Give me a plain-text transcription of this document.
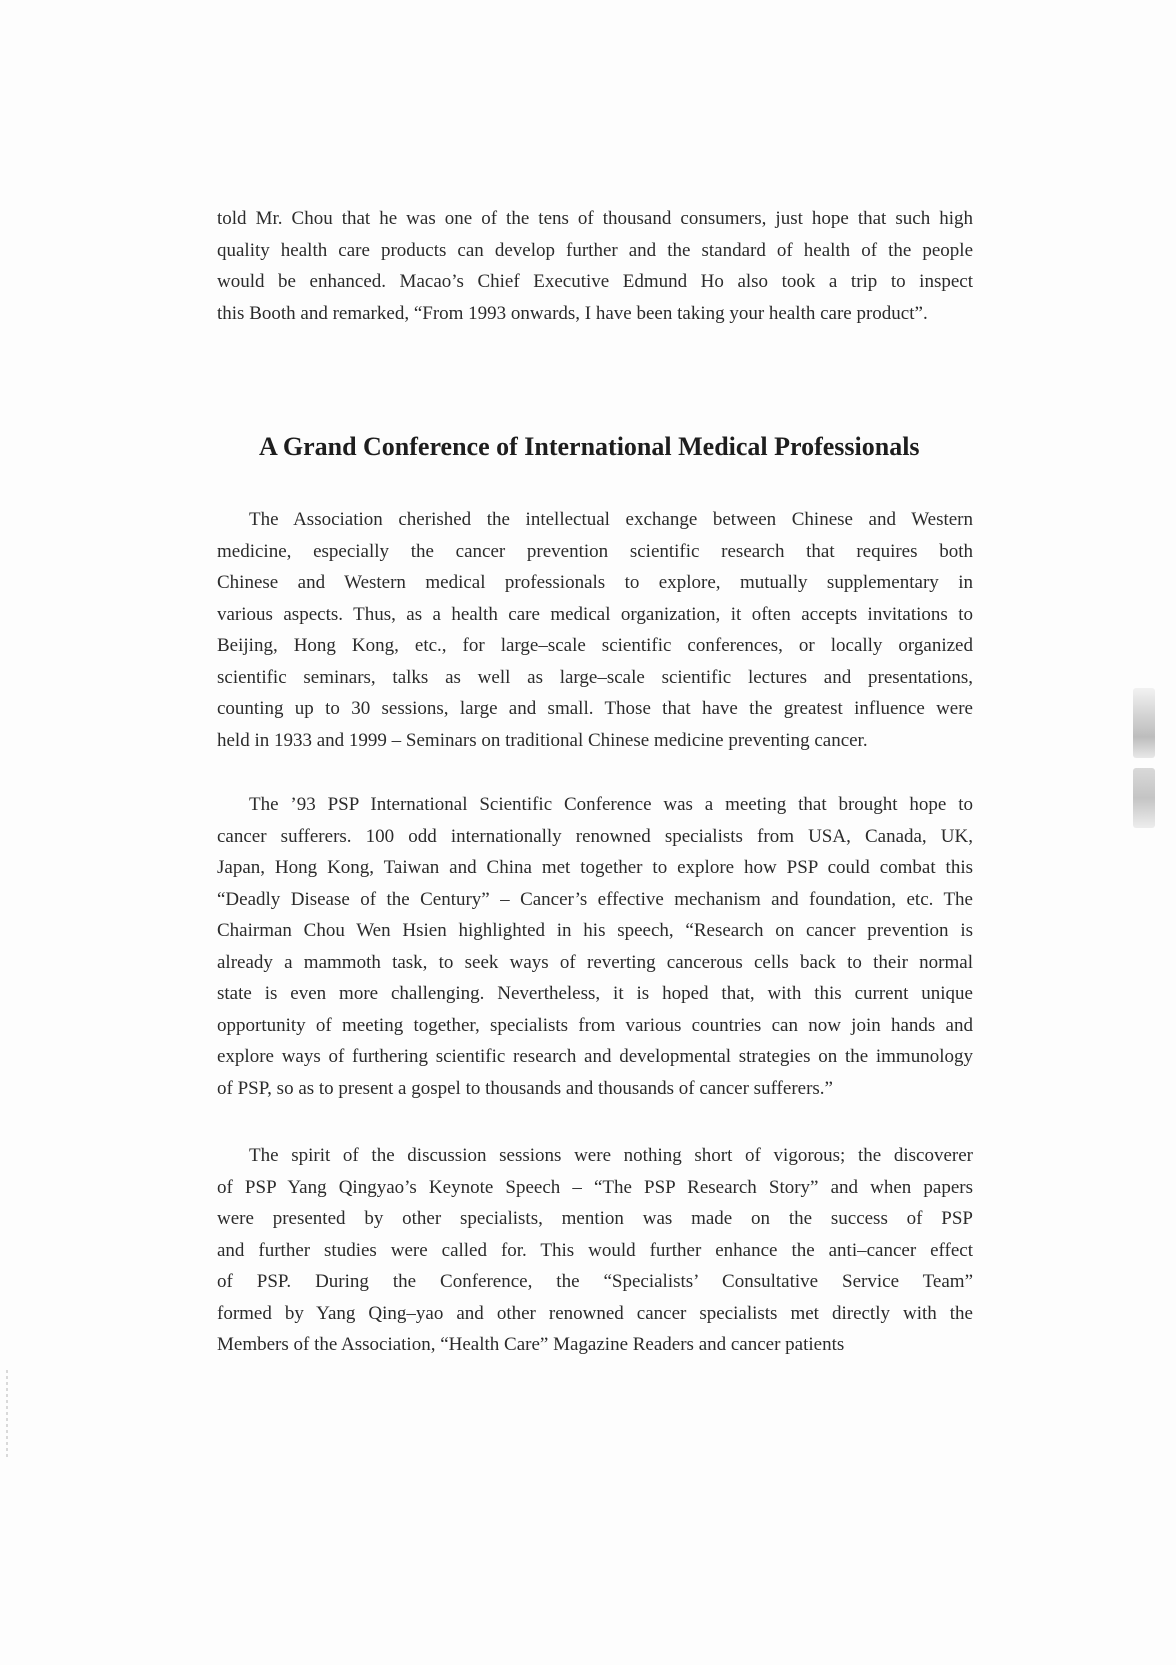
told Mr. Chou that he was one of the tens of thousand consumers, just hope that such high
quality health care products can develop further and the standard of health of the people
would be enhanced. Macao’s Chief Executive Edmund Ho also took a trip to inspect
this Booth and remarked, “From 1993 onwards, I have been taking your health care product”.

A Grand Conference of International Medical Professionals

The Association cherished the intellectual exchange between Chinese and Western
medicine, especially the cancer prevention scientific research that requires both
Chinese and Western medical professionals to explore, mutually supplementary in
various aspects. Thus, as a health care medical organization, it often accepts invitations to
Beijing, Hong Kong, etc., for large–scale scientific conferences, or locally organized
scientific seminars, talks as well as large–scale scientific lectures and presentations,
counting up to 30 sessions, large and small. Those that have the greatest influence were
held in 1933 and 1999 – Seminars on traditional Chinese medicine preventing cancer.

The ’93 PSP International Scientific Conference was a meeting that brought hope to
cancer sufferers. 100 odd internationally renowned specialists from USA, Canada, UK,
Japan, Hong Kong, Taiwan and China met together to explore how PSP could combat this
“Deadly Disease of the Century” – Cancer’s effective mechanism and foundation, etc. The
Chairman Chou Wen Hsien highlighted in his speech, “Research on cancer prevention is
already a mammoth task, to seek ways of reverting cancerous cells back to their normal
state is even more challenging. Nevertheless, it is hoped that, with this current unique
opportunity of meeting together, specialists from various countries can now join hands and
explore ways of furthering scientific research and developmental strategies on the immunology
of PSP, so as to present a gospel to thousands and thousands of cancer sufferers.”

The spirit of the discussion sessions were nothing short of vigorous; the discoverer
of PSP Yang Qingyao’s Keynote Speech – “The PSP Research Story” and when papers
were presented by other specialists, mention was made on the success of PSP
and further studies were called for. This would further enhance the anti–cancer effect
of PSP. During the Conference, the “Specialists’ Consultative Service Team”
formed by Yang Qing–yao and other renowned cancer specialists met directly with the
Members of the Association, “Health Care” Magazine Readers and cancer patients
